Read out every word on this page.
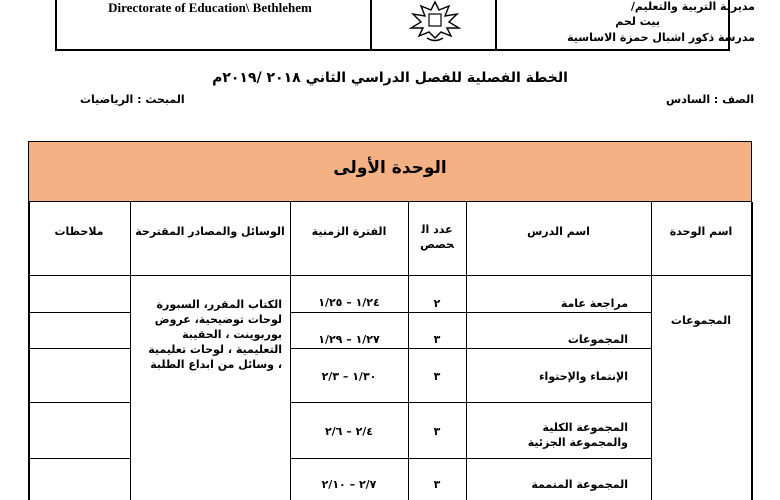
Directorate of Education\ Bethlehem	مديرية التربية والتعليم/
بيت لحم
مدرسة ذكور اشبال حمزة الاساسية
الخطة الفصلية للفصل الدراسي الثاني ٢٠١٨ /٢٠١٩م
الصف : السادس
المبحث : الرياضيات
الوحدة الأولى
اسم الوحدة
اسم الدرس
عدد الحصص
الفترة الزمنية
الوسائل والمصادر المقترحة
ملاحظات
المجموعات
الكتاب المقرر، السبورة لوحات توضيحية، عروض بوربوينت ، الحقيبة التعليمية ، لوحات تعليمية ، وسائل من ابداع الطلبة
مراجعة عامة
٢
١/٢٤ – ١/٢٥
المجموعات
٣
١/٢٧ – ١/٢٩
الإنتماء والإحتواء
٣
١/٣٠ – ٢/٣
المجموعة الكلية والمجموعة الجزئية
٣
٢/٤ – ٢/٦
المجموعة المتممة
٣
٢/٧ – ٢/١٠
